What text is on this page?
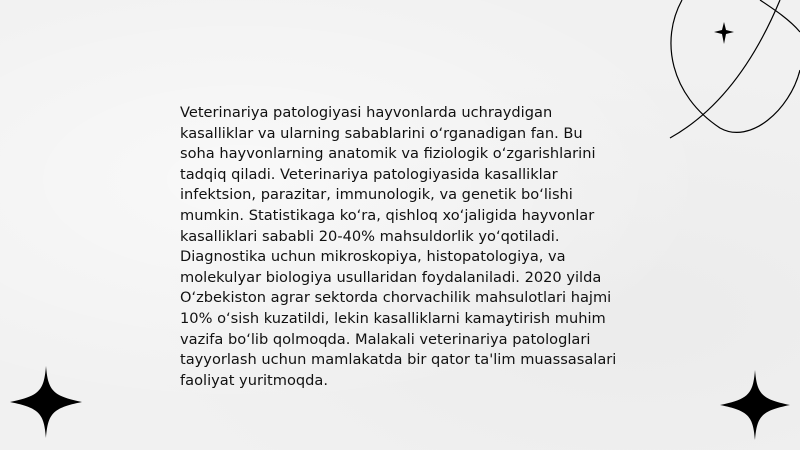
Veterinariya patologiyasi hayvonlarda uchraydigan kasalliklar va ularning sabablarini o‘rganadigan fan. Bu soha hayvonlarning anatomik va fiziologik o‘zgarishlarini tadqiq qiladi. Veterinariya patologiyasida kasalliklar infektsion, parazitar, immunologik, va genetik bo‘lishi mumkin. Statistikaga ko‘ra, qishloq xo‘jaligida hayvonlar kasalliklari sababli 20-40% mahsuldorlik yo‘qotiladi. Diagnostika uchun mikroskopiya, histopatologiya, va molekulyar biologiya usullaridan foydalaniladi. 2020 yilda O‘zbekiston agrar sektorda chorvachilik mahsulotlari hajmi 10% o‘sish kuzatildi, lekin kasalliklarni kamaytirish muhim vazifa bo‘lib qolmoqda. Malakali veterinariya patologlari tayyorlash uchun mamlakatda bir qator ta'lim muassasalari faoliyat yuritmoqda.
